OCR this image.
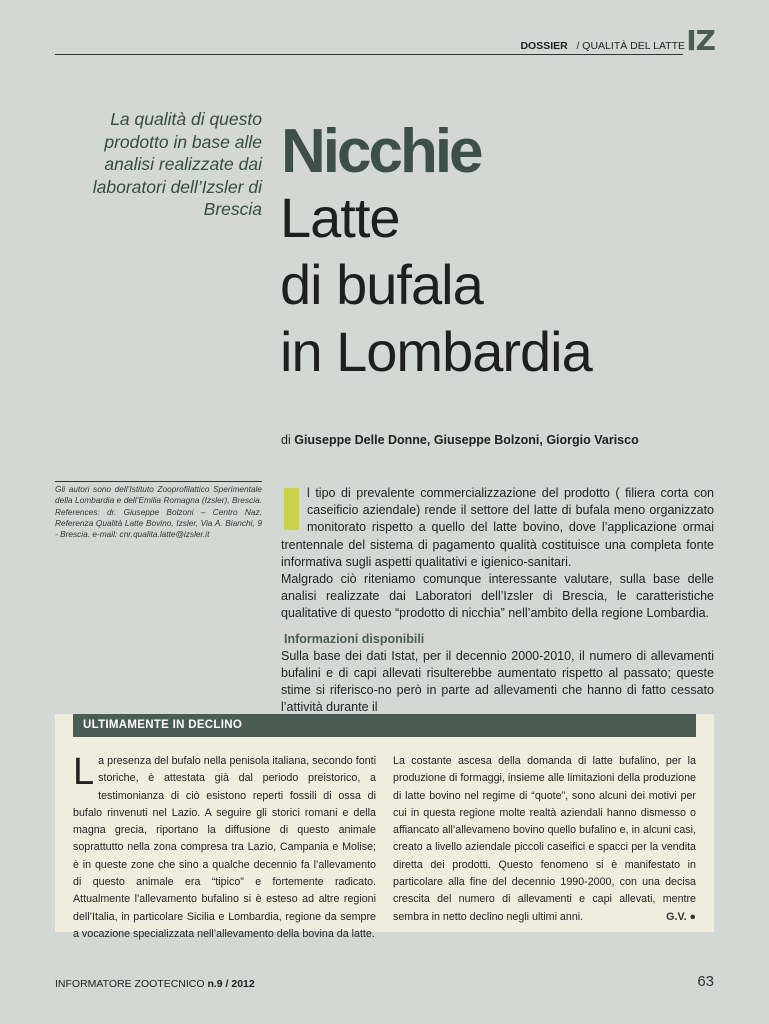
IZ
DOSSIER / QUALITÀ DEL LATTE
La qualità di questo prodotto in base alle analisi realizzate dai laboratori dell’Izsler di Brescia
Nicchie
Latte
di bufala
in Lombardia
di Giuseppe Delle Donne, Giuseppe Bolzoni, Giorgio Varisco
Gli autori sono dell’Istituto Zooprofilattico Sperimentale della Lombardia e dell’Emilia Romagna (Izsler), Brescia. References: dr. Giuseppe Bolzoni – Centro Naz. Referenza Qualità Latte Bovino, Izsler, Via A. Bianchi, 9 - Brescia. e-mail: cnr.qualita.latte@izsler.it

l tipo di prevalente commercializzazione del prodotto ( filiera corta con caseificio aziendale) rende il settore del latte di bufala meno organizzato monitorato rispetto a quello del latte bovino, dove l’applicazione ormai trentennale del sistema di pagamento qualità costituisce una completa fonte informativa sugli aspetti qualitativi e igienico-sanitari.

Malgrado ciò riteniamo comunque interessante valutare, sulla base delle analisi realizzate dai Laboratori dell’Izsler di Brescia, le caratteristiche qualitative di questo “prodotto di nicchia” nell’ambito della regione Lombardia.

Informazioni disponibili

Sulla base dei dati Istat, per il decennio 2000-2010, il numero di allevamenti bufalini e di capi allevati risulterebbe aumentato rispetto al passato; queste stime si riferisco-no però in parte ad allevamenti che hanno di fatto cessato l’attività durante il

ULTIMAMENTE IN DECLINO

La presenza del bufalo nella penisola italiana, secondo fonti storiche, è attestata già dal periodo preistorico, a testimonianza di ciò esistono reperti fossili di ossa di bufalo rinvenuti nel Lazio. A seguire gli storici romani e della magna grecia, riportano la diffusione di questo animale soprattutto nella zona compresa tra Lazio, Campania e Molise; è in queste zone che sino a qualche decennio fa l’allevamento di questo animale era “tipico” e fortemente radicato. Attualmente l’allevamento bufalino si è esteso ad altre regioni dell’Italia, in particolare Sicilia e Lombardia, regione da sempre a vocazione specializzata nell’allevamento della bovina da latte.

La costante ascesa della domanda di latte bufalino, per la produzione di formaggi, insieme alle limitazioni della produzione di latte bovino nel regime di “quote”, sono alcuni dei motivi per cui in questa regione molte realtà aziendali hanno dismesso o affiancato all’allevameno bovino quello bufalino e, in alcuni casi, creato a livello aziendale piccoli caseifici e spacci per la vendita diretta dei prodotti. Questo fenomeno si è manifestato in particolare alla fine del decennio 1990-2000, con una decisa crescita del numero di allevamenti e capi allevati, mentre sembra in netto declino negli ultimi anni.	G.V. ●

INFORMATORE ZOOTECNICO n.9 / 2012	63
